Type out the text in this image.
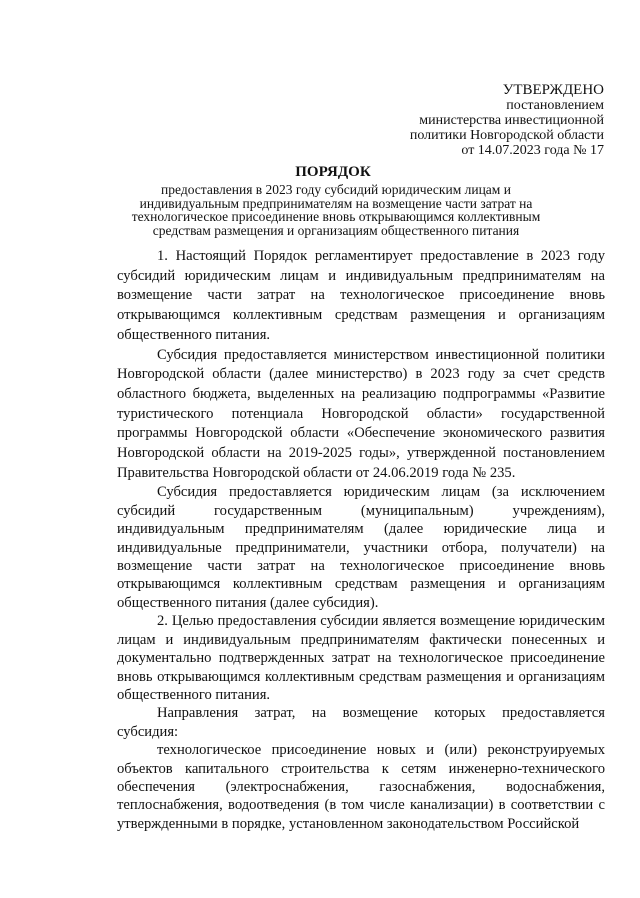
УТВЕРЖДЕНО
постановлением
министерства инвестиционной
политики Новгородской области
от 14.07.2023 года № 17
ПОРЯДОК
предоставления в 2023 году субсидий юридическим лицам и
индивидуальным предпринимателям на возмещение части затрат на
технологическое присоединение вновь открывающимся коллективным
средствам размещения и организациям общественного питания

1. Настоящий Порядок регламентирует предоставление в 2023 году субсидий юридическим лицам и индивидуальным предпринимателям на возмещение части затрат на технологическое присоединение вновь открывающимся коллективным средствам размещения и организациям общественного питания.

Субсидия предоставляется министерством инвестиционной политики Новгородской области (далее министерство) в 2023 году за счет средств областного бюджета, выделенных на реализацию подпрограммы «Развитие туристического потенциала Новгородской области» государственной программы Новгородской области «Обеспечение экономического развития Новгородской области на 2019-2025 годы», утвержденной постановлением Правительства Новгородской области от 24.06.2019 года № 235.

Субсидия предоставляется юридическим лицам (за исключением субсидий государственным (муниципальным) учреждениям), индивидуальным предпринимателям (далее юридические лица и индивидуальные предприниматели, участники отбора, получатели) на возмещение части затрат на технологическое присоединение вновь открывающимся коллективным средствам размещения и организациям общественного питания (далее субсидия).

2. Целью предоставления субсидии является возмещение юридическим лицам и индивидуальным предпринимателям фактически понесенных и документально подтвержденных затрат на технологическое присоединение вновь открывающимся коллективным средствам размещения и организациям общественного питания.

Направления затрат, на возмещение которых предоставляется субсидия:

технологическое присоединение новых и (или) реконструируемых объектов капитального строительства к сетям инженерно-технического обеспечения (электроснабжения, газоснабжения, водоснабжения, теплоснабжения, водоотведения (в том числе канализации) в соответствии с утвержденными в порядке, установленном законодательством Российской
